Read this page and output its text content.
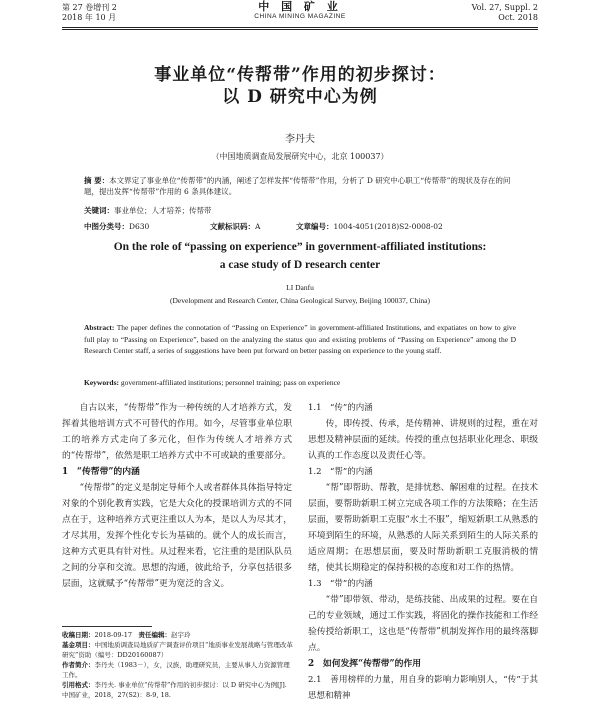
第 27 卷增刊 2
2018 年 10 月
中 国 矿 业
CHINA MINING MAGAZINE
Vol. 27, Suppl. 2
Oct. 2018
事业单位“传帮带”作用的初步探讨：
以 D 研究中心为例
李丹夫
（中国地质调查局发展研究中心，北京 100037）
摘 要：本文界定了事业单位“传帮带”的内涵，阐述了怎样发挥“传帮带”作用，分析了 D 研究中心职工“传帮带”的现状及存在的问题，提出发挥“传帮带”作用的 6 条具体建议。
关键词：事业单位；人才培养；传帮带
中图分类号：D630	文献标识码：A	文章编号：1004-4051(2018)S2-0008-02
On the role of “passing on experience” in government-affiliated institutions:
a case study of D research center
LI Danfu
(Development and Research Center, China Geological Survey, Beijing 100037, China)
Abstract: The paper defines the connotation of “Passing on Experience” in government-affiliated Institutions, and expatiates on how to give full play to “Passing on Experience”, based on the analyzing the status quo and existing problems of “Passing on Experience” among the D Research Center staff, a series of suggestions have been put forward on better passing on experience to the young staff.
Keywords: government-affiliated institutions; personnel training; pass on experience

自古以来，“传帮带”作为一种传统的人才培养方式，发挥着其他培训方式不可替代的作用。如今，尽管事业单位职工的培养方式走向了多元化，但作为传统人才培养方式的“传帮带”，依然是职工培养方式中不可或缺的重要部分。

1　“传帮带”的内涵

“传帮带”的定义是制定导师个人或者群体具体指导特定对象的个别化教育实践，它是大众化的授课培训方式的不同点在于，这种培养方式更注重以人为本，是以人为尽其才，才尽其用，发挥个性化专长为基础的。就个人的成长而言，这种方式更具有针对性。从过程来看，它注重的是团队队员之间的分享和交流。思想的沟通，彼此给予，分享包括很多层面，这就赋予“传帮带”更为宽泛的含义。

1.1　“传”的内涵

传，即传授、传承，是传精神、讲规则的过程，重在对思想及精神层面的延续。传授的重点包括职业化理念、职级认真的工作态度以及责任心等。

1.2　“帮”的内涵

“帮”即帮助、帮教，是排忧愁、解困难的过程。在技术层面，要帮助新职工树立完成各项工作的方法策略；在生活层面，要帮助新职工克服“水土不服”，缩短新职工从熟悉的环境到陌生的环境，从熟悉的人际关系到陌生的人际关系的适应周期；在思想层面，要及时帮助新职工克服消极的情绪，使其长期稳定的保持积极的态度和对工作的热情。

1.3　“带”的内涵

“带”即带领、带动，是练技能、出成果的过程。要在自己的专业领域，通过工作实践，将固化的操作技能和工作经验传授给新职工，这也是“传帮带”机制发挥作用的最终落脚点。

2　如何发挥“传帮带”的作用
2.1　善用榜样的力量，用自身的影响力影响别人，“传”于其思想和精神
收稿日期：2018-09-17　 责任编辑：赵宇玲
基金项目：中国地质调查局地质矿产调查评价项目“地质事业发展战略与管理改革研究”资助（编号：DD20160087）
作者简介：李丹夫（1983－），女，汉族，助理研究员，主要从事人力资源管理工作。
引用格式：李丹夫. 事业单位“传帮带”作用的初步探讨：以 D 研究中心为例[J]. 中国矿业，2018，27(S2)：8-9, 18.
